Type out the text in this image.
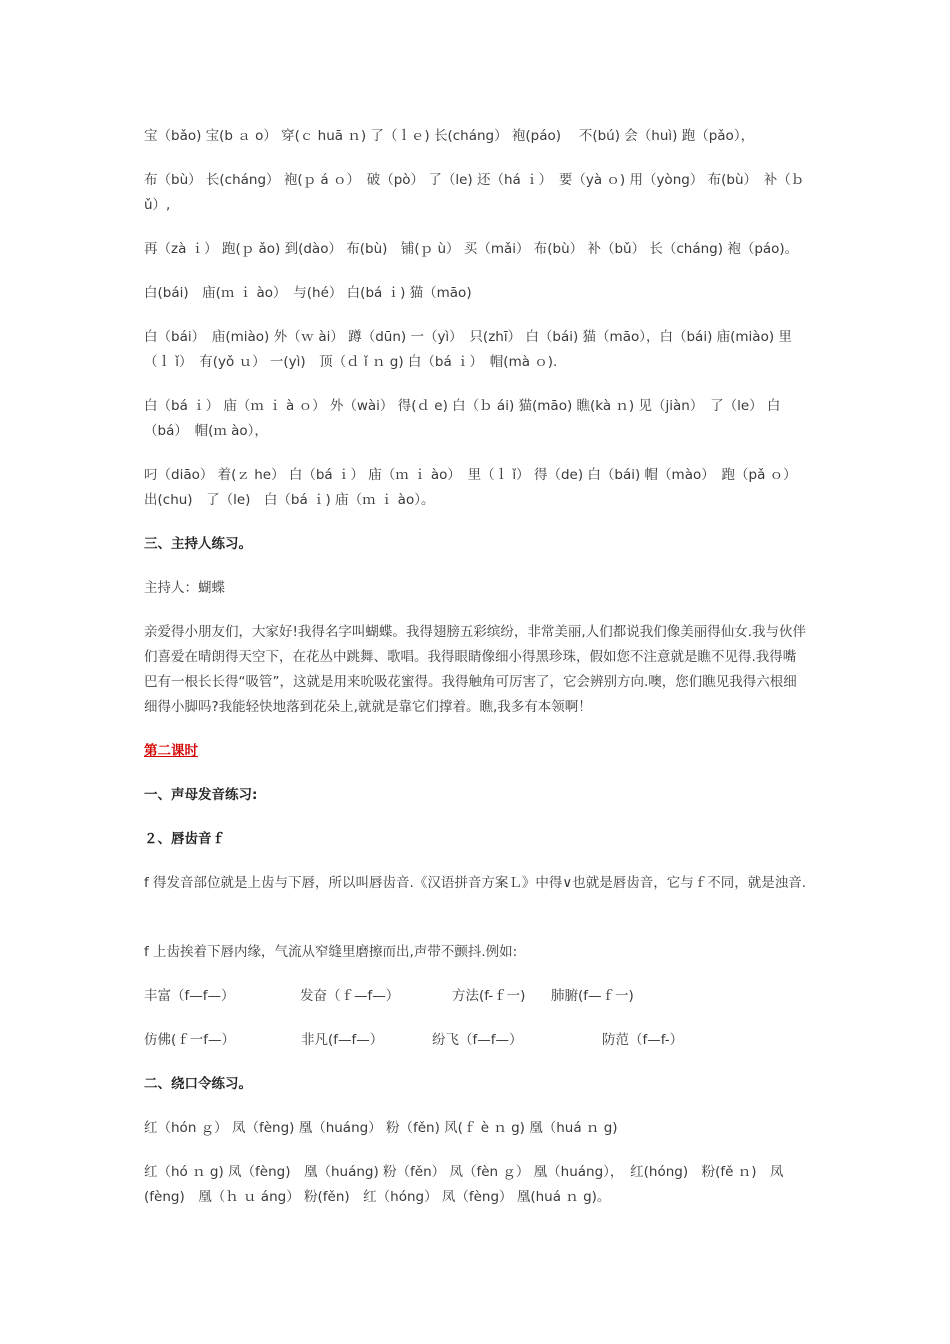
宝（bǎo) 宝(b ａ o） 穿(ｃ huā ｎ) 了（ｌｅ) 长(cháng） 袍(páo)　 不(bú) 会（huì) 跑（pǎo），
布（bù） 长(cháng） 袍(ｐ á ｏ）　破（pò） 了（le) 还（há ｉ）　要（yà ｏ) 用（yòng） 布(bù）　补（ｂ ǔ）,
再（zà ｉ） 跑(ｐ ǎo) 到(dào） 布(bù)　铺(ｐ ù） 买（mǎi） 布(bù） 补（bǔ） 长（cháng) 袍（páo)。
白(bái)　庙(ｍ ｉ ào）　与(hé） 白(bá ｉ) 猫（māo)
白（bái）　庙(miào) 外（ｗ ài） 蹲（dūn) 一（yì）　只(zhī） 白（bái) 猫（māo），白（bái) 庙(miào) 里（ｌ ǐ）　有(yǒ ｕ） 一(yì)　顶（ｄ ǐ ｎ g) 白（bá ｉ）　帽(mà ｏ).
白（bá ｉ） 庙（ｍ ｉ à ｏ） 外（wài） 得(ｄ e) 白（ｂ ái) 猫(māo) 瞧(kà ｎ) 见（jiàn）　了（le） 白（bá）　帽(ｍ ào），
叼（diāo） 着(ｚ he） 白（bá ｉ） 庙（ｍ ｉ ào）　里（ｌ ǐ） 得（de) 白（bái) 帽（mào）　跑（pǎ ｏ） 出(chu)　了（le)　白（bá ｉ) 庙（ｍ ｉ ào）。
三、主持人练习。
主持人：蝴蝶
亲爱得小朋友们，大家好!我得名字叫蝴蝶。我得翅膀五彩缤纷，非常美丽,人们都说我们像美丽得仙女.我与伙伴们喜爱在晴朗得天空下，在花丛中跳舞、歌唱。我得眼睛像细小得黑珍珠，假如您不注意就是瞧不见得.我得嘴巴有一根长长得“吸管”，这就是用来吮吸花蜜得。我得触角可厉害了，它会辨别方向.噢，您们瞧见我得六根细细得小脚吗?我能轻快地落到花朵上,就就是靠它们撑着。瞧,我多有本领啊！
第二课时
一、声母发音练习:
２、唇齿音ｆ
f 得发音部位就是上齿与下唇，所以叫唇齿音.《汉语拼音方案Ｌ》中得∨也就是唇齿音，它与ｆ不同，就是浊音.
f 上齿挨着下唇内缘，气流从窄缝里磨擦而出,声带不颤抖.例如:
丰富（f—f—）	发奋（ｆ—f—）	方法(f-ｆ一) 肺腑(f—ｆ一)
仿佛(ｆ一f—）	非凡(f—f—）	纷飞（f—f—）	防范（f—f-）
二、绕口令练习。
红（hón ｇ） 凤（fèng) 凰（huáng） 粉（fěn) 风(ｆ è ｎ g) 凰（huá ｎ g)
红（hó ｎ g) 凤（fèng)　凰（huáng) 粉（fěn） 凤（fèn ｇ） 凰（huáng），　红(hóng)　粉(fě ｎ)　凤(fèng)　凰（ｈ ｕ áng） 粉(fěn)　红（hóng） 凤（fèng） 凰(huá ｎ g)。
